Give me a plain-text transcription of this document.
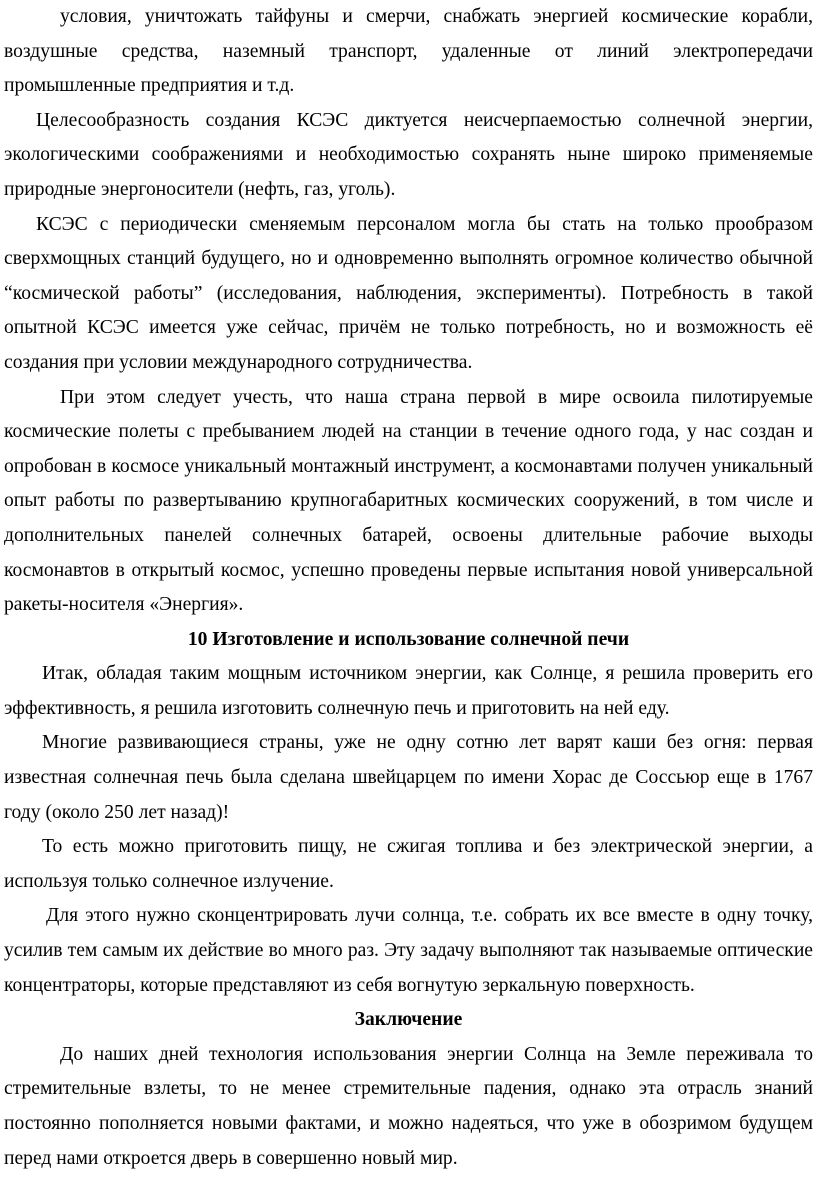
условия, уничтожать тайфуны и смерчи, снабжать энергией космические корабли, воздушные средства, наземный транспорт, удаленные от линий электропередачи промышленные предприятия и т.д.

Целесообразность создания КСЭС диктуется неисчерпаемостью солнечной энергии, экологическими соображениями и необходимостью сохранять ныне широко применяемые природные энергоносители (нефть, газ, уголь).

КСЭС с периодически сменяемым персоналом могла бы стать на только прообразом сверхмощных станций будущего, но и одновременно выполнять огромное количество обычной “космической работы” (исследования, наблюдения, эксперименты). Потребность в такой опытной КСЭС имеется уже сейчас, причём не только потребность, но и возможность её создания при условии международного сотрудничества.

При этом следует учесть, что наша страна первой в мире освоила пилотируемые космические полеты с пребыванием людей на станции в течение одного года, у нас создан и опробован в космосе уникальный монтажный инструмент, а космонавтами получен уникальный опыт работы по развертыванию крупногабаритных космических сооружений, в том числе и дополнительных панелей солнечных батарей, освоены длительные рабочие выходы космонавтов в открытый космос, успешно проведены первые испытания новой универсальной ракеты-носителя «Энергия».

10 Изготовление и использование солнечной печи

Итак, обладая таким мощным источником энергии, как Солнце, я решила проверить его эффективность, я решила изготовить солнечную печь и приготовить на ней еду.

Многие развивающиеся страны, уже не одну сотню лет варят каши без огня: первая известная солнечная печь была сделана швейцарцем по имени Хорас де Соссьюр еще в 1767 году (около 250 лет назад)!

То есть можно приготовить пищу, не сжигая топлива и без электрической энергии, а используя только солнечное излучение.

Для этого нужно сконцентрировать лучи солнца, т.е. собрать их все вместе в одну точку, усилив тем самым их действие во много раз. Эту задачу выполняют так называемые оптические концентраторы, которые представляют из себя вогнутую зеркальную поверхность.

Заключение

До наших дней технология использования энергии Солнца на Земле переживала то стремительные взлеты, то не менее стремительные падения, однако эта отрасль знаний постоянно пополняется новыми фактами, и можно надеяться, что уже в обозримом будущем перед нами откроется дверь в совершенно новый мир.
